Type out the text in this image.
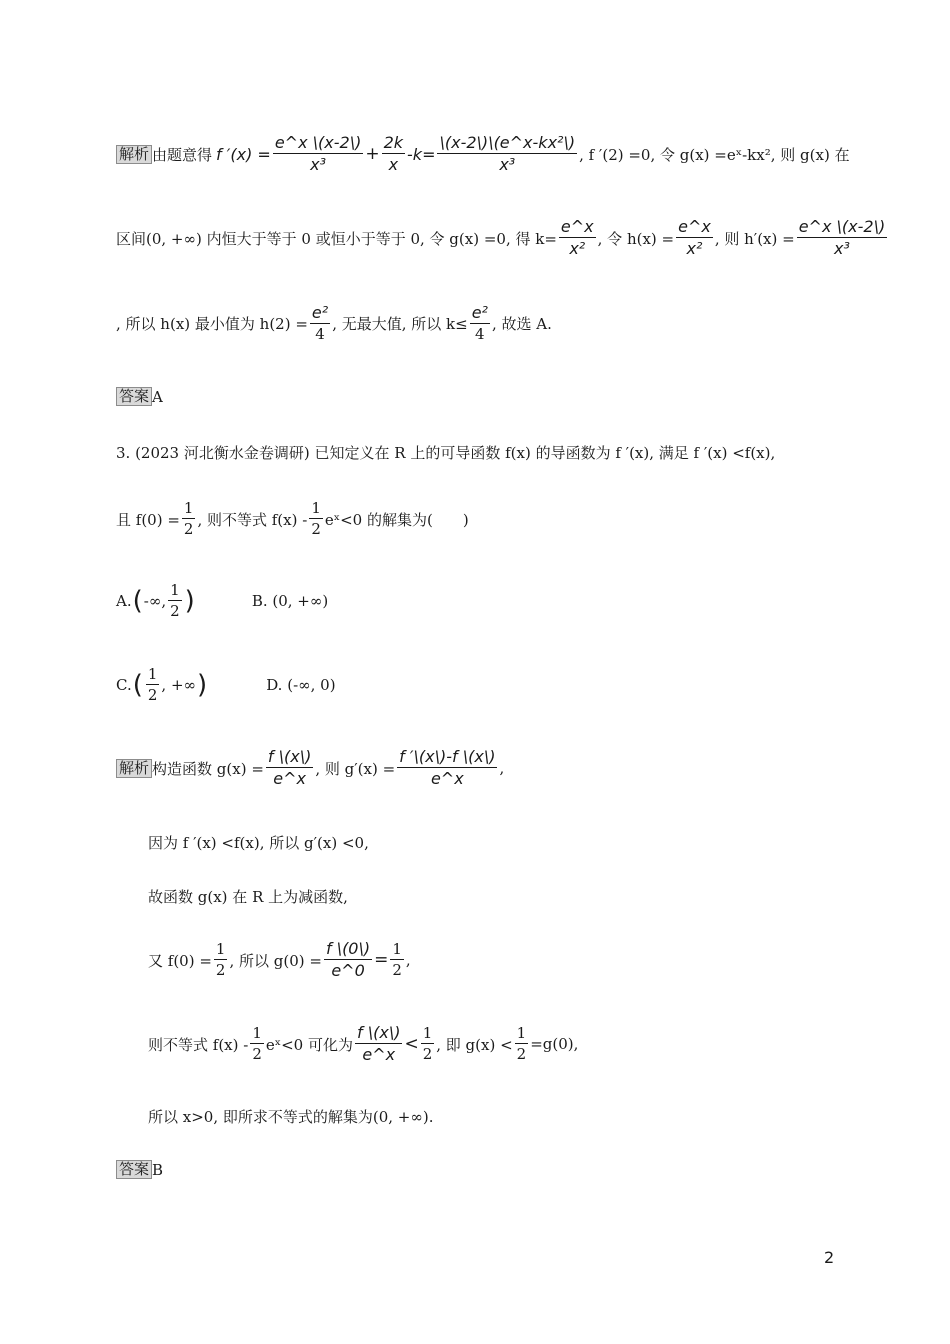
解析 由题意得 f $'(x) = \frac{e\^{}x \backslash(x-2\backslash)}{\text{x³}} + \frac{2k}{x} -k= \frac{\text{\textbackslash{}(x-2\textbackslash{})\textbackslash{}(e\textasciicircum{}x-kx²\textbackslash{})}}{\text{x³}}$ , f ′(2) =0, 令 g(x) =eˣ-kx², 则 g(x) 在
区间(0, +∞) 内恒大于等于 0 或恒小于等于 0, 令 g(x) =0, 得 $k= \frac{e\^{}x}{\text{x²}}$ , 令 $h(x) = \frac{e\^{}x}{\text{x²}}$ , 则 $h'(x) = \frac{e\^{}x \backslash(x-2\backslash)}{\text{x³}}$
, 所以 h(x) 最小值为 $h(2) = \frac{\text{e²}}{4}$ , 无最大值, 所以 $k\le \frac{\text{e²}}{4}$ , 故选 A.
答案 A
3. (2023 河北衡水金卷调研) 已知定义在 R 上的可导函数 f(x) 的导函数为 f ′(x), 满足 f ′(x) <f(x),
且 $f(0) = \frac{1}{2}$ , 则不等式 $f(x) - \frac{1}{2}$ eˣ<0 的解集为(　　)
A. ( -∞, $\frac{1}{2}$ )	B. (0, +∞)
C. ( $\frac{1}{2}$ , +∞ )	D. (-∞, 0)
解析 构造函数 $g(x) = \frac{f \backslash(x\backslash)}{e\^{}x}$ , 则 $g'(x) = \frac{f '\backslash(x\backslash)-f \backslash(x\backslash)}{e\^{}x}$ ,
因为 f ′(x) <f(x), 所以 g′(x) <0,
故函数 g(x) 在 R 上为减函数,
又 $f(0) = \frac{1}{2}$ , 所以 $g(0) = \frac{f \backslash(0\backslash)}{e\^{}0} = \frac{1}{2}$ ,
则不等式 $f(x) - \frac{1}{2}$ eˣ<0 可化为 $\frac{f \backslash(x\backslash)}{e\^{}x} < \frac{1}{2}$ , 即 $g(x) < \frac{1}{2} =g(0)$,
所以 x>0, 即所求不等式的解集为(0, +∞).
答案 B
2
